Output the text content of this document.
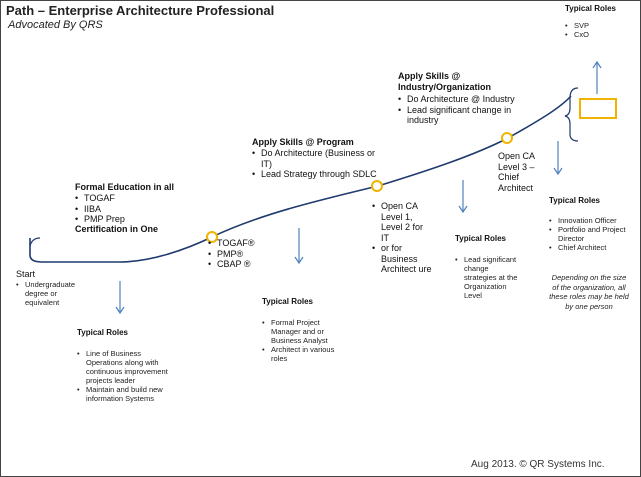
Path – Enterprise Architecture Professional
Advocated By QRS
Start
• Undergraduate degree or equivalent
Formal Education in all
• TOGAF
• IIBA
• PMP Prep
Certification in One
• TOGAF®
• PMP®
• CBAP ®
Apply Skills @ Program
• Do Architecture (Business or IT)
• Lead Strategy through SDLC
• Open CA Level 1, Level 2 for IT
• or for Business Architect ure
Apply Skills @ Industry/Organization
• Do Architecture @ Industry
• Lead significant change in industry
Open CA Level 3 – Chief Architect
Typical Roles
• Line of Business Operations along with continuous improvement projects leader
• Maintain and build new information Systems
Typical Roles
• Formal Project Manager and or Business Analyst
• Architect in various roles
Typical Roles
• Lead significant change strategies at the Organization Level
Typical Roles
• Innovation Officer
• Portfolio and Project Director
• Chief Architect
Depending on the size of the organization, all these roles may be held by one person
Typical Roles
• SVP
• CxO
Aug 2013. © QR Systems Inc.
